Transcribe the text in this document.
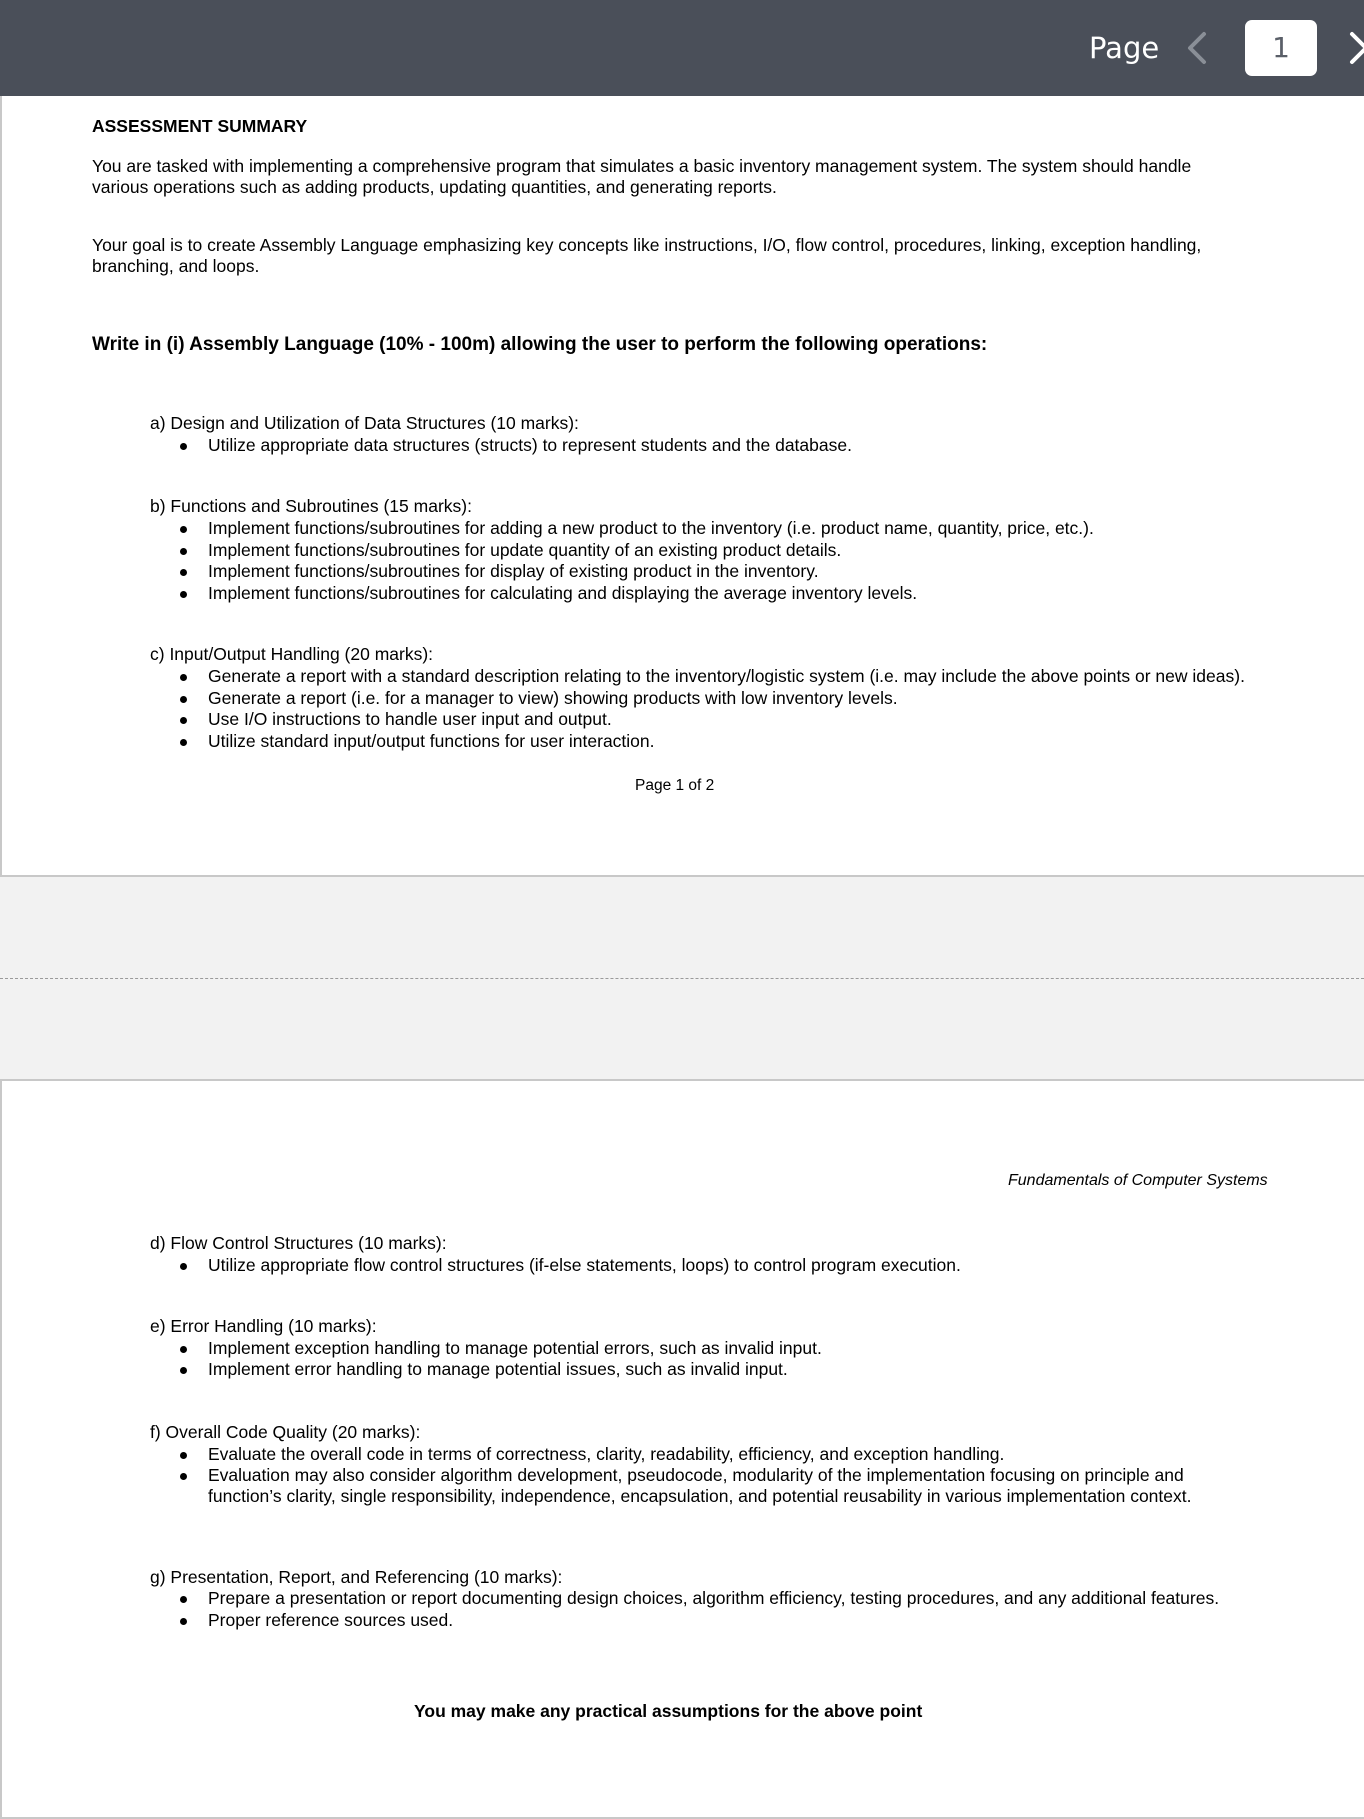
Page	1
ASSESSMENT SUMMARY
You are tasked with implementing a comprehensive program that simulates a basic inventory management system. The system should handle
various operations such as adding products, updating quantities, and generating reports.
Your goal is to create Assembly Language emphasizing key concepts like instructions, I/O, flow control, procedures, linking, exception handling,
branching, and loops.
Write in (i) Assembly Language (10% - 100m) allowing the user to perform the following operations:
a) Design and Utilization of Data Structures (10 marks):
Utilize appropriate data structures (structs) to represent students and the database.
b) Functions and Subroutines (15 marks):
Implement functions/subroutines for adding a new product to the inventory (i.e. product name, quantity, price, etc.).
Implement functions/subroutines for update quantity of an existing product details.
Implement functions/subroutines for display of existing product in the inventory.
Implement functions/subroutines for calculating and displaying the average inventory levels.
c) Input/Output Handling (20 marks):
Generate a report with a standard description relating to the inventory/logistic system (i.e. may include the above points or new ideas).
Generate a report (i.e. for a manager to view) showing products with low inventory levels.
Use I/O instructions to handle user input and output.
Utilize standard input/output functions for user interaction.
Page 1 of 2
Fundamentals of Computer Systems
d) Flow Control Structures (10 marks):
Utilize appropriate flow control structures (if-else statements, loops) to control program execution.
e) Error Handling (10 marks):
Implement exception handling to manage potential errors, such as invalid input.
Implement error handling to manage potential issues, such as invalid input.
f) Overall Code Quality (20 marks):
Evaluate the overall code in terms of correctness, clarity, readability, efficiency, and exception handling.
Evaluation may also consider algorithm development, pseudocode, modularity of the implementation focusing on principle and
function’s clarity, single responsibility, independence, encapsulation, and potential reusability in various implementation context.
g) Presentation, Report, and Referencing (10 marks):
Prepare a presentation or report documenting design choices, algorithm efficiency, testing procedures, and any additional features.
Proper reference sources used.
You may make any practical assumptions for the above point
